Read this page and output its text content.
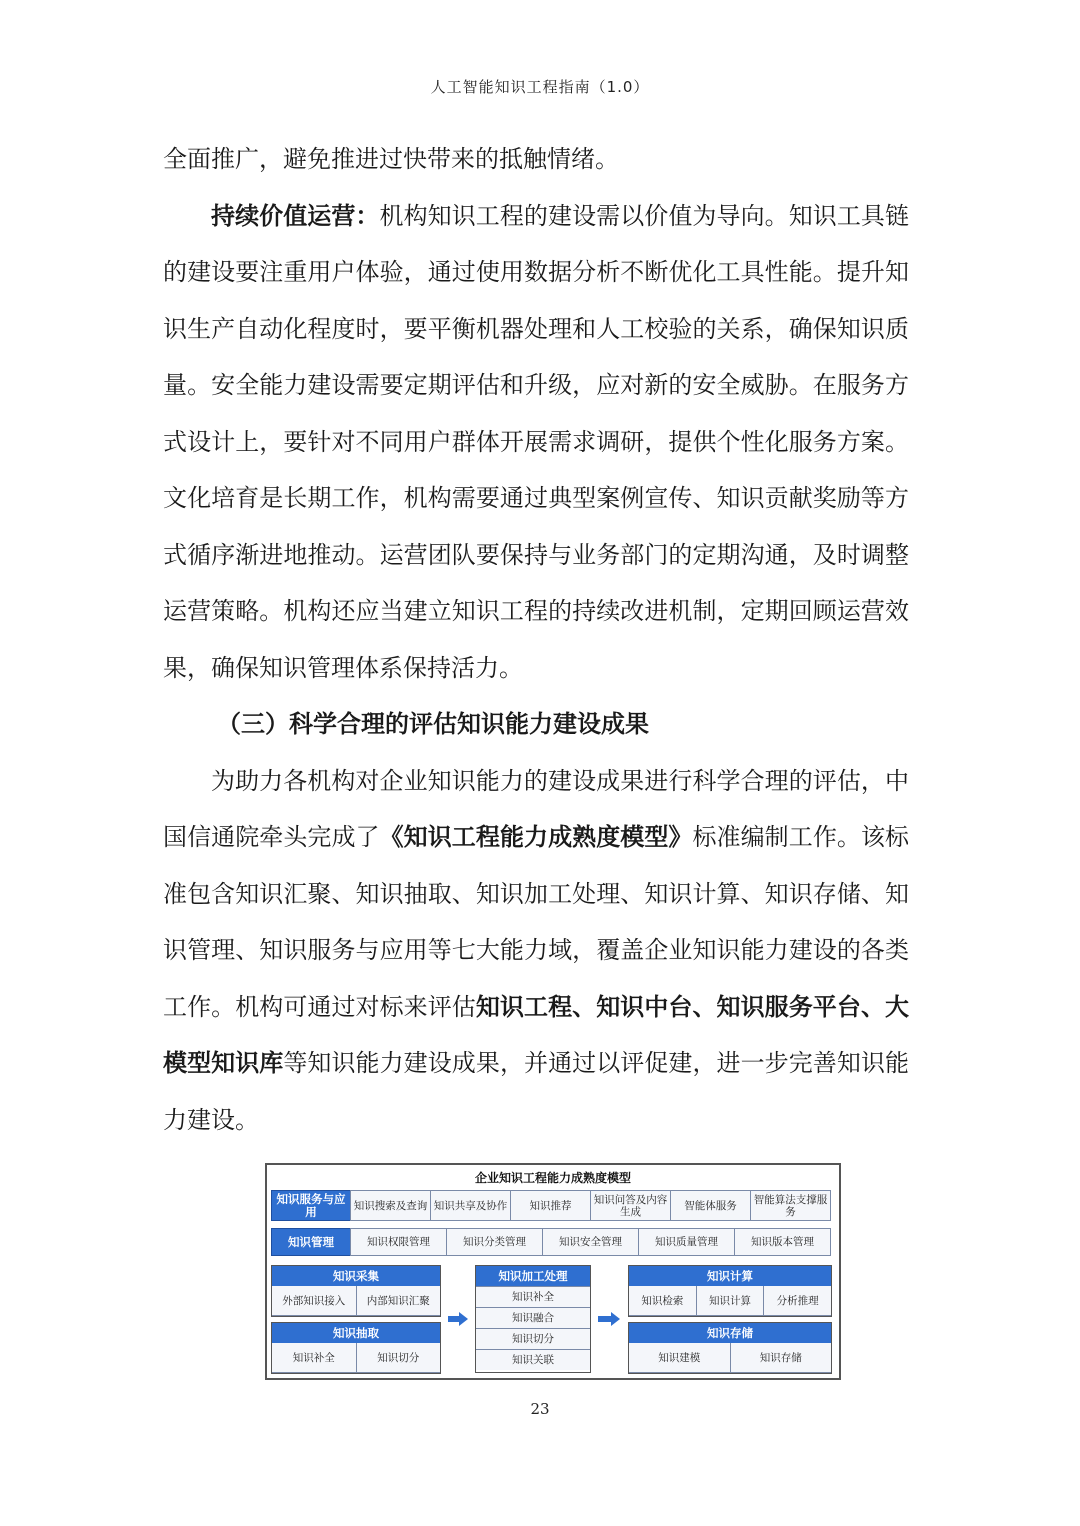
人工智能知识工程指南（1.0）

全面推广，避免推进过快带来的抵触情绪。

持续价值运营：机构知识工程的建设需以价值为导向。知识工具链的建设要注重用户体验，通过使用数据分析不断优化工具性能。提升知识生产自动化程度时，要平衡机器处理和人工校验的关系，确保知识质量。安全能力建设需要定期评估和升级，应对新的安全威胁。在服务方式设计上，要针对不同用户群体开展需求调研，提供个性化服务方案。文化培育是长期工作，机构需要通过典型案例宣传、知识贡献奖励等方式循序渐进地推动。运营团队要保持与业务部门的定期沟通，及时调整运营策略。机构还应当建立知识工程的持续改进机制，定期回顾运营效果，确保知识管理体系保持活力。

（三）科学合理的评估知识能力建设成果

为助力各机构对企业知识能力的建设成果进行科学合理的评估，中国信通院牵头完成了《知识工程能力成熟度模型》标准编制工作。该标准包含知识汇聚、知识抽取、知识加工处理、知识计算、知识存储、知识管理、知识服务与应用等七大能力域，覆盖企业知识能力建设的各类工作。机构可通过对标来评估知识工程、知识中台、知识服务平台、大模型知识库等知识能力建设成果，并通过以评促建，进一步完善知识能力建设。

企业知识工程能力成熟度模型
知识服务与应用	知识搜索及查询 知识共享及协作	知识推荐	知识问答及内容生成	智能体服务	智能算法支撑服务
知识管理	知识权限管理	知识分类管理	知识安全管理	知识质量管理	知识版本管理
知识采集
外部知识接入	内部知识汇聚
知识抽取
知识补全	知识切分
知识加工处理
知识补全
知识融合
知识切分
知识关联
知识计算
知识检索	知识计算	分析推理
知识存储
知识建模	知识存储
23
